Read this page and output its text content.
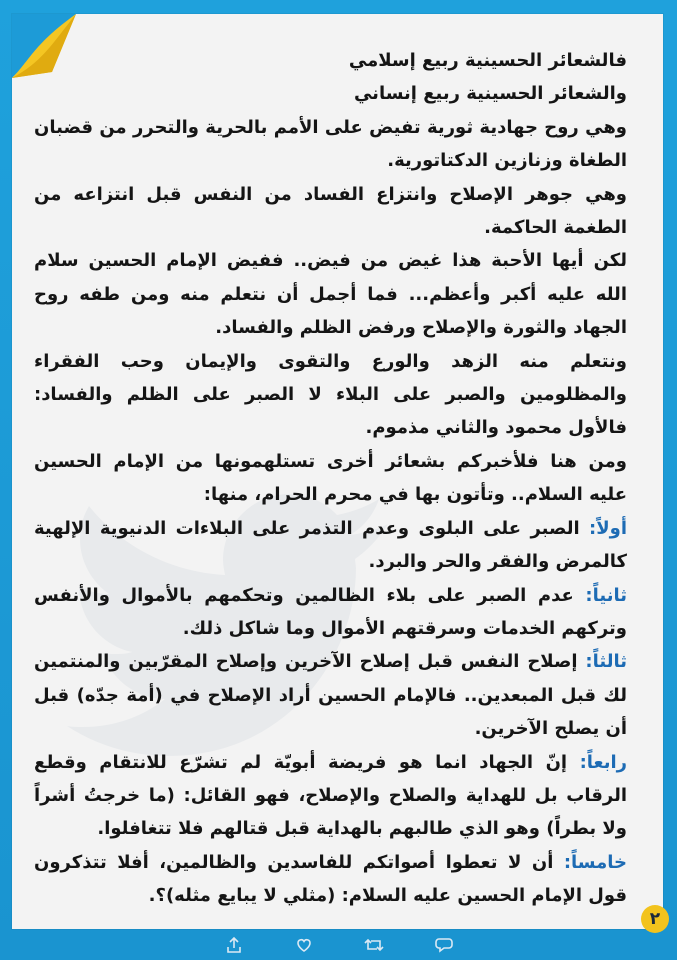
فالشعائر الحسينية ربيع إسلامي

والشعائر الحسينية ربيع إنساني

وهي روح جهادية ثورية تفيض على الأمم بالحرية والتحرر من قضبان الطغاة وزنازين الدكتاتورية.

وهي جوهر الإصلاح وانتزاع الفساد من النفس قبل انتزاعه من الطغمة الحاكمة.

لكن أيها الأحبة هذا غيض من فيض.. ففيض الإمام الحسين سلام الله عليه أكبر وأعظم... فما أجمل أن نتعلم منه ومن طفه روح الجهاد والثورة والإصلاح ورفض الظلم والفساد.

ونتعلم منه الزهد والورع والتقوى والإيمان وحب الفقراء والمظلومين والصبر على البلاء لا الصبر على الظلم والفساد: فالأول محمود والثاني مذموم.

ومن هنا فلأخبركم بشعائر أخرى تستلهمونها من الإمام الحسين عليه السلام.. وتأتون بها في محرم الحرام، منها:

أولاً: الصبر على البلوى وعدم التذمر على البلاءات الدنيوية الإلهية كالمرض والفقر والحر والبرد.

ثانياً: عدم الصبر على بلاء الظالمين وتحكمهم بالأموال والأنفس وتركهم الخدمات وسرقتهم الأموال وما شاكل ذلك.

ثالثاً: إصلاح النفس قبل إصلاح الآخرين وإصلاح المقرّبين والمنتمين لك قبل المبعدين.. فالإمام الحسين أراد الإصلاح في (أمة جدّه) قبل أن يصلح الآخرين.

رابعاً: إنّ الجهاد انما هو فريضة أبويّة لم تشرّع للانتقام وقطع الرقاب بل للهداية والصلاح والإصلاح، فهو القائل: (ما خرجتُ أشراً ولا بطراً) وهو الذي طالبهم بالهداية قبل قتالهم فلا تتغافلوا.

خامساً: أن لا تعطوا أصواتكم للفاسدين والظالمين، أفلا تتذكرون قول الإمام الحسين عليه السلام: (مثلي لا يبايع مثله)؟.

٢
